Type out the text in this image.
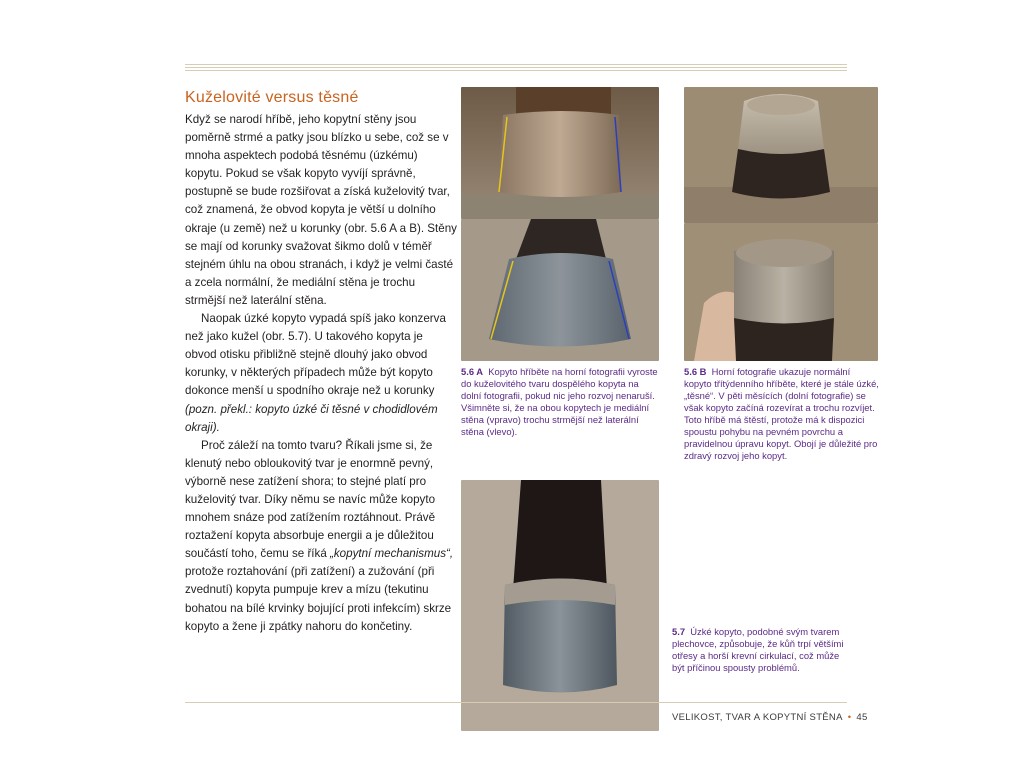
Kuželovité versus těsné

Když se narodí hříbě, jeho kopytní stěny jsou poměrně strmé a patky jsou blízko u sebe, což se v mnoha aspektech podobá těsnému (úzkému) kopytu. Pokud se však kopyto vyvíjí správně, postupně se bude rozšiřovat a získá kuželovitý tvar, což znamená, že obvod kopyta je větší u dolního okraje (u země) než u korunky (obr. 5.6 A a B). Stěny se mají od korunky svažovat šikmo dolů v téměř stejném úhlu na obou stranách, i když je velmi časté a zcela normální, že mediální stěna je trochu strmější než laterální stěna.

Naopak úzké kopyto vypadá spíš jako konzerva než jako kužel (obr. 5.7). U takového kopyta je obvod otisku přibližně stejně dlouhý jako obvod korunky, v některých případech může být kopyto dokonce menší u spodního okraje než u korunky (pozn. překl.: kopyto úzké či těsné v chodidlovém okraji).

Proč záleží na tomto tvaru? Říkali jsme si, že klenutý nebo obloukovitý tvar je enormně pevný, výborně nese zatížení shora; to stejné platí pro kuželovitý tvar. Díky němu se navíc může kopyto mnohem snáze pod zatížením roztáhnout. Právě roztažení kopyta absorbuje energii a je důležitou součástí toho, čemu se říká „kopytní mechanismus“, protože roztahování (při zatížení) a zužování (při zvednutí) kopyta pumpuje krev a mízu (tekutinu bohatou na bílé krvinky bojující proti infekcím) skrze kopyto a žene ji zpátky nahoru do končetiny.

5.6 A Kopyto hříběte na horní fotografii vyroste do kuželovitého tvaru dospělého kopyta na dolní fotografii, pokud nic jeho rozvoj nenaruší. Všimněte si, že na obou kopytech je mediální stěna (vpravo) trochu strmější než laterální stěna (vlevo).
5.6 B Horní fotografie ukazuje normální kopyto třítýdenního hříběte, které je stále úzké, „těsné“. V pěti měsících (dolní fotografie) se však kopyto začíná rozevírat a trochu rozvíjet. Toto hříbě má štěstí, protože má k dispozici spoustu pohybu na pevném povrchu a pravidelnou úpravu kopyt. Obojí je důležité pro zdravý rozvoj jeho kopyt.
5.7 Úzké kopyto, podobné svým tvarem plechovce, způsobuje, že kůň trpí většími otřesy a horší krevní cirkulací, což může být příčinou spousty problémů.
VELIKOST, TVAR A KOPYTNÍ STĚNA • 45
